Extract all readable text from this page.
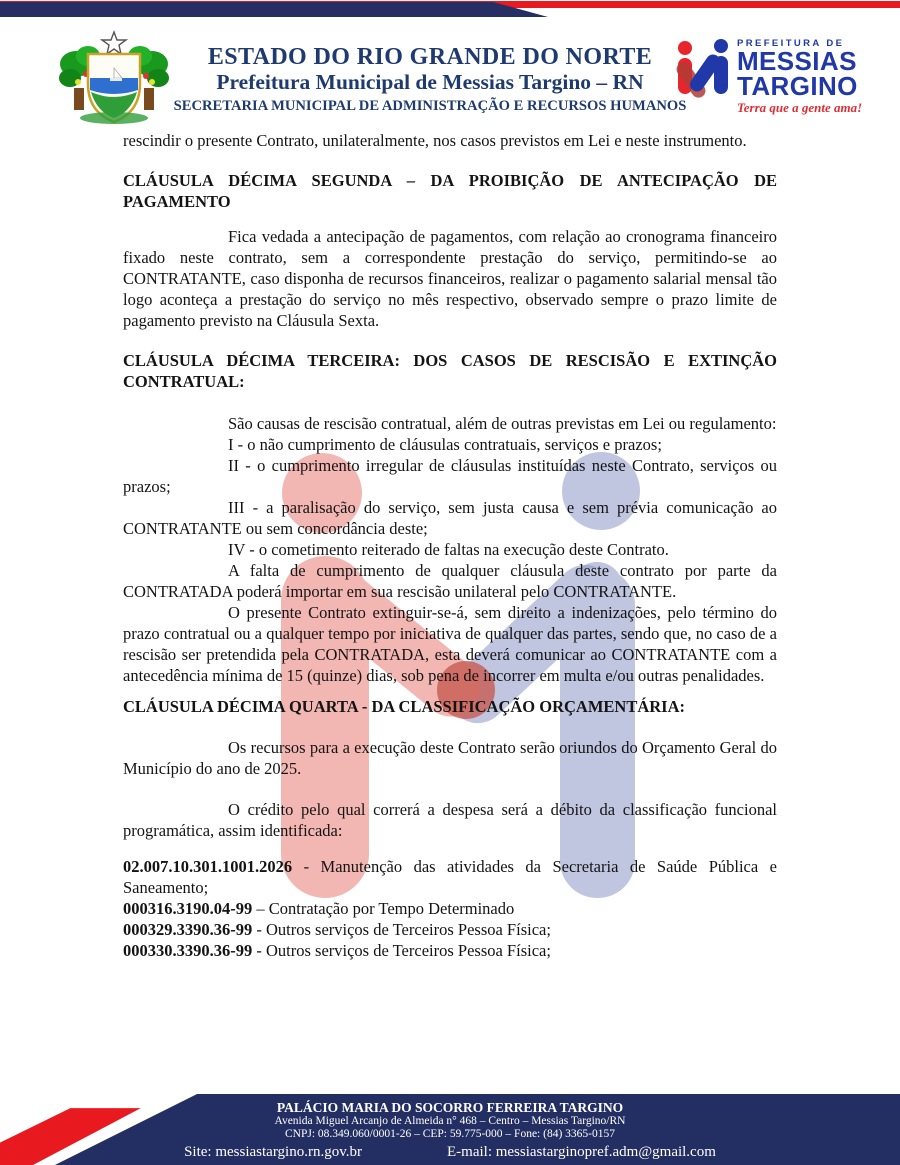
ESTADO DO RIO GRANDE DO NORTE
Prefeitura Municipal de Messias Targino – RN
SECRETARIA MUNICIPAL DE ADMINISTRAÇÃO E RECURSOS HUMANOS
PREFEITURA DE
MESSIAS
TARGINO
Terra que a gente ama!

rescindir o presente Contrato, unilateralmente, nos casos previstos em Lei e neste instrumento.

CLÁUSULA DÉCIMA SEGUNDA – DA PROIBIÇÃO DE ANTECIPAÇÃO DE PAGAMENTO

Fica vedada a antecipação de pagamentos, com relação ao cronograma financeiro fixado neste contrato, sem a correspondente prestação do serviço, permitindo-se ao CONTRATANTE, caso disponha de recursos financeiros, realizar o pagamento salarial mensal tão logo aconteça a prestação do serviço no mês respectivo, observado sempre o prazo limite de pagamento previsto na Cláusula Sexta.

CLÁUSULA DÉCIMA TERCEIRA: DOS CASOS DE RESCISÃO E EXTINÇÃO CONTRATUAL:

São causas de rescisão contratual, além de outras previstas em Lei ou regulamento:

I - o não cumprimento de cláusulas contratuais, serviços e prazos;

II - o cumprimento irregular de cláusulas instituídas neste Contrato, serviços ou prazos;

III - a paralisação do serviço, sem justa causa e sem prévia comunicação ao CONTRATANTE ou sem concordância deste;

IV - o cometimento reiterado de faltas na execução deste Contrato.

A falta de cumprimento de qualquer cláusula deste contrato por parte da CONTRATADA poderá importar em sua rescisão unilateral pelo CONTRATANTE.

O presente Contrato extinguir-se-á, sem direito a indenizações, pelo término do prazo contratual ou a qualquer tempo por iniciativa de qualquer das partes, sendo que, no caso de a rescisão ser pretendida pela CONTRATADA, esta deverá comunicar ao CONTRATANTE com a antecedência mínima de 15 (quinze) dias, sob pena de incorrer em multa e/ou outras penalidades.

CLÁUSULA DÉCIMA QUARTA - DA CLASSIFICAÇÃO ORÇAMENTÁRIA:

Os recursos para a execução deste Contrato serão oriundos do Orçamento Geral do Município do ano de 2025.

O crédito pelo qual correrá a despesa será a débito da classificação funcional programática, assim identificada:

02.007.10.301.1001.2026 - Manutenção das atividades da Secretaria de Saúde Pública e Saneamento;

000316.3190.04-99 – Contratação por Tempo Determinado

000329.3390.36-99 - Outros serviços de Terceiros Pessoa Física;

000330.3390.36-99 - Outros serviços de Terceiros Pessoa Física;

PALÁCIO MARIA DO SOCORRO FERREIRA TARGINO
Avenida Miguel Arcanjo de Almeida n° 468 – Centro – Messias Targino/RN
CNPJ: 08.349.060/0001-26 – CEP: 59.775-000 – Fone: (84) 3365-0157
Site: messiastargino.rn.gov.br	E-mail: messiastarginopref.adm@gmail.com
